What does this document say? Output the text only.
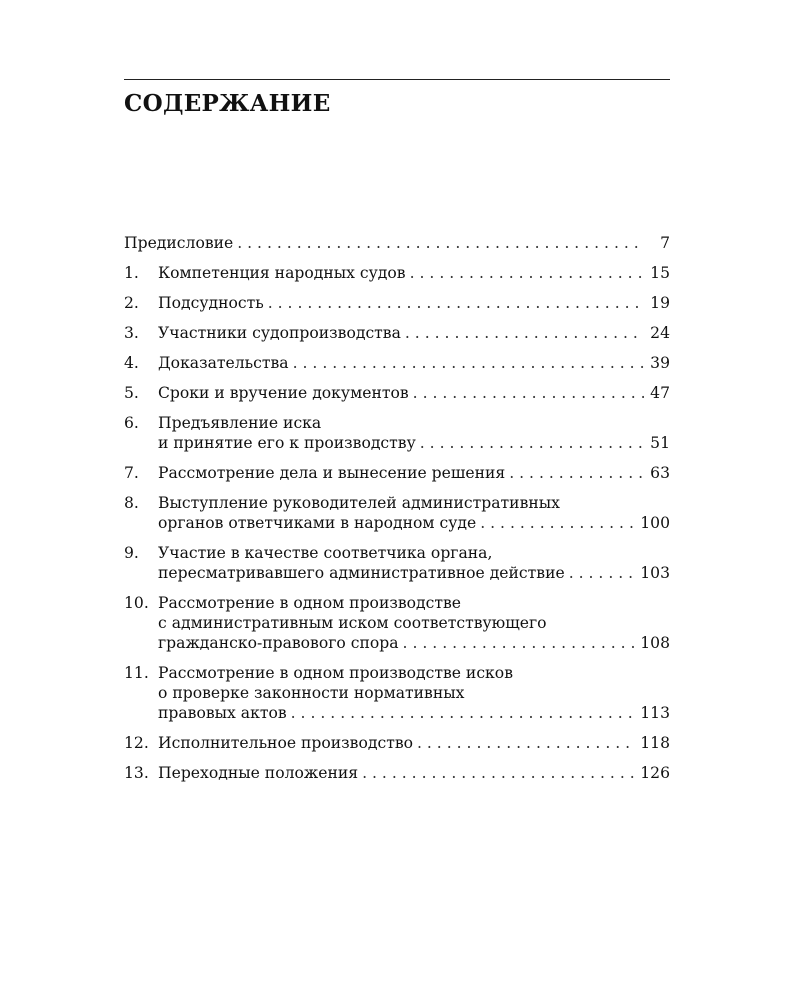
СОДЕРЖАНИЕ
Предисловие . . .	7
1. Компетенция народных судов . . .	15
2. Подсудность . . .	19
3. Участники судопроизводства . . .	24
4. Доказательства . . .	39
5. Сроки и вручение документов . . .	47
6. Предъявление иска
и принятие его к производству . . .	51
7. Рассмотрение дела и вынесение решения . . .	63
8. Выступление руководителей административных
органов ответчиками в народном суде . . .	100
9. Участие в качестве соответчика органа,
пересматривавшего административное действие . . .	103
10. Рассмотрение в одном производстве
с административным иском соответствующего
гражданско-правового спора . . .	108
11. Рассмотрение в одном производстве исков
о проверке законности нормативных
правовых актов . . .	113
12. Исполнительное производство . . .	118
13. Переходные положения . . .	126
